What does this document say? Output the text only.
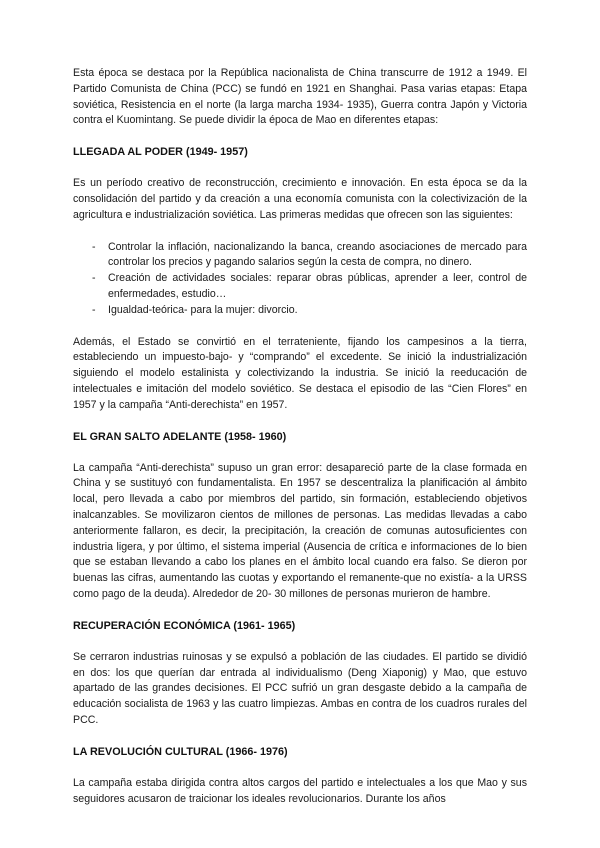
Esta época se destaca por la República nacionalista de China transcurre de 1912 a 1949. El Partido Comunista de China (PCC) se fundó en 1921 en Shanghai. Pasa varias etapas: Etapa soviética, Resistencia en el norte (la larga marcha 1934- 1935), Guerra contra Japón y Victoria contra el Kuomintang. Se puede dividir la época de Mao en diferentes etapas:

LLEGADA AL PODER (1949- 1957)

Es un período creativo de reconstrucción, crecimiento e innovación. En esta época se da la consolidación del partido y da creación a una economía comunista con la colectivización de la agricultura e industrialización soviética. Las primeras medidas que ofrecen son las siguientes:

- Controlar la inflación, nacionalizando la banca, creando asociaciones de mercado para controlar los precios y pagando salarios según la cesta de compra, no dinero.
- Creación de actividades sociales: reparar obras públicas, aprender a leer, control de enfermedades, estudio…
- Igualdad-teórica- para la mujer: divorcio.

Además, el Estado se convirtió en el terrateniente, fijando los campesinos a la tierra, estableciendo un impuesto-bajo- y “comprando” el excedente. Se inició la industrialización siguiendo el modelo estalinista y colectivizando la industria. Se inició la reeducación de intelectuales e imitación del modelo soviético. Se destaca el episodio de las “Cien Flores” en 1957 y la campaña “Anti-derechista” en 1957.

EL GRAN SALTO ADELANTE (1958- 1960)

La campaña “Anti-derechista” supuso un gran error: desapareció parte de la clase formada en China y se sustituyó con fundamentalista. En 1957 se descentraliza la planificación al ámbito local, pero llevada a cabo por miembros del partido, sin formación, estableciendo objetivos inalcanzables. Se movilizaron cientos de millones de personas. Las medidas llevadas a cabo anteriormente fallaron, es decir, la precipitación, la creación de comunas autosuficientes con industria ligera, y por último, el sistema imperial (Ausencia de crítica e informaciones de lo bien que se estaban llevando a cabo los planes en el ámbito local cuando era falso. Se dieron por buenas las cifras, aumentando las cuotas y exportando el remanente-que no existía- a la URSS como pago de la deuda). Alrededor de 20- 30 millones de personas murieron de hambre.

RECUPERACIÓN ECONÓMICA (1961- 1965)

Se cerraron industrias ruinosas y se expulsó a población de las ciudades. El partido se dividió en dos: los que querían dar entrada al individualismo (Deng Xiaponig) y Mao, que estuvo apartado de las grandes decisiones. El PCC sufrió un gran desgaste debido a la campaña de educación socialista de 1963 y las cuatro limpiezas. Ambas en contra de los cuadros rurales del PCC.

LA REVOLUCIÓN CULTURAL (1966- 1976)

La campaña estaba dirigida contra altos cargos del partido e intelectuales a los que Mao y sus seguidores acusaron de traicionar los ideales revolucionarios. Durante los años
